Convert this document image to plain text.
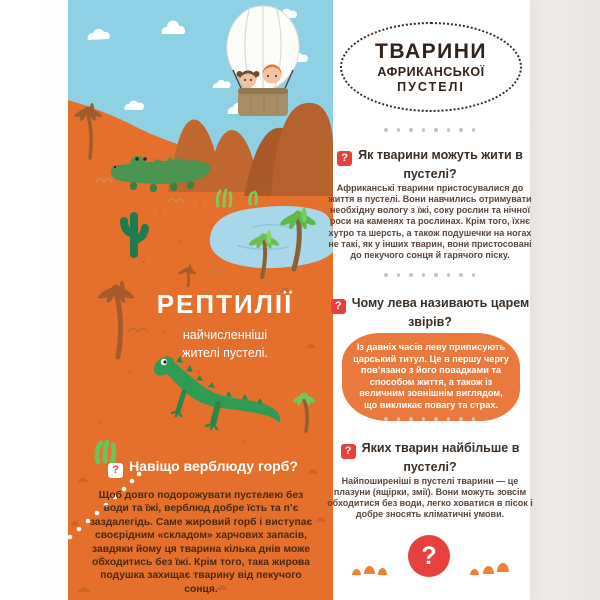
РЕПТИЛІЇ
найчисленніші
жителі пустелі.
? Навіщо верблюду горб?
Щоб довго подорожувати пустелею без води та їжі, верблюд добре їсть та п’є заздалегідь. Саме жировий горб і виступає своєрідним «складом» харчових запасів, завдяки йому ця тварина кілька днів може обходитись без їжі. Крім того, така жирова подушка захищає тварину від пекучого сонця.
ТВАРИНИ
АФРИКАНСЬКОЇ
ПУСТЕЛІ
? Як тварини можуть жити в пустелі?
Африканські тварини пристосувалися до життя в пустелі. Вони навчились отримувати необхідну вологу з їжі, соку рослин та нічної роси на каменях та рослинах. Крім того, їхнє хутро та шерсть, а також подушечки на ногах не такі, як у інших тварин, вони пристосовані до пекучого сонця й гарячого піску.
? Чому лева називають царем звірів?
Із давніх часів леву приписують царський титул. Це в першу чергу пов’язано з його повадками та способом життя, а також із величним зовнішнім виглядом, що викликає повагу та страх.
? Яких тварин найбільше в пустелі?
Найпоширеніші в пустелі тварини — це плазуни (ящірки, змії). Вони можуть зовсім обходитися без води, легко ховатися в пісок і добре зносять кліматичні умови.
?
